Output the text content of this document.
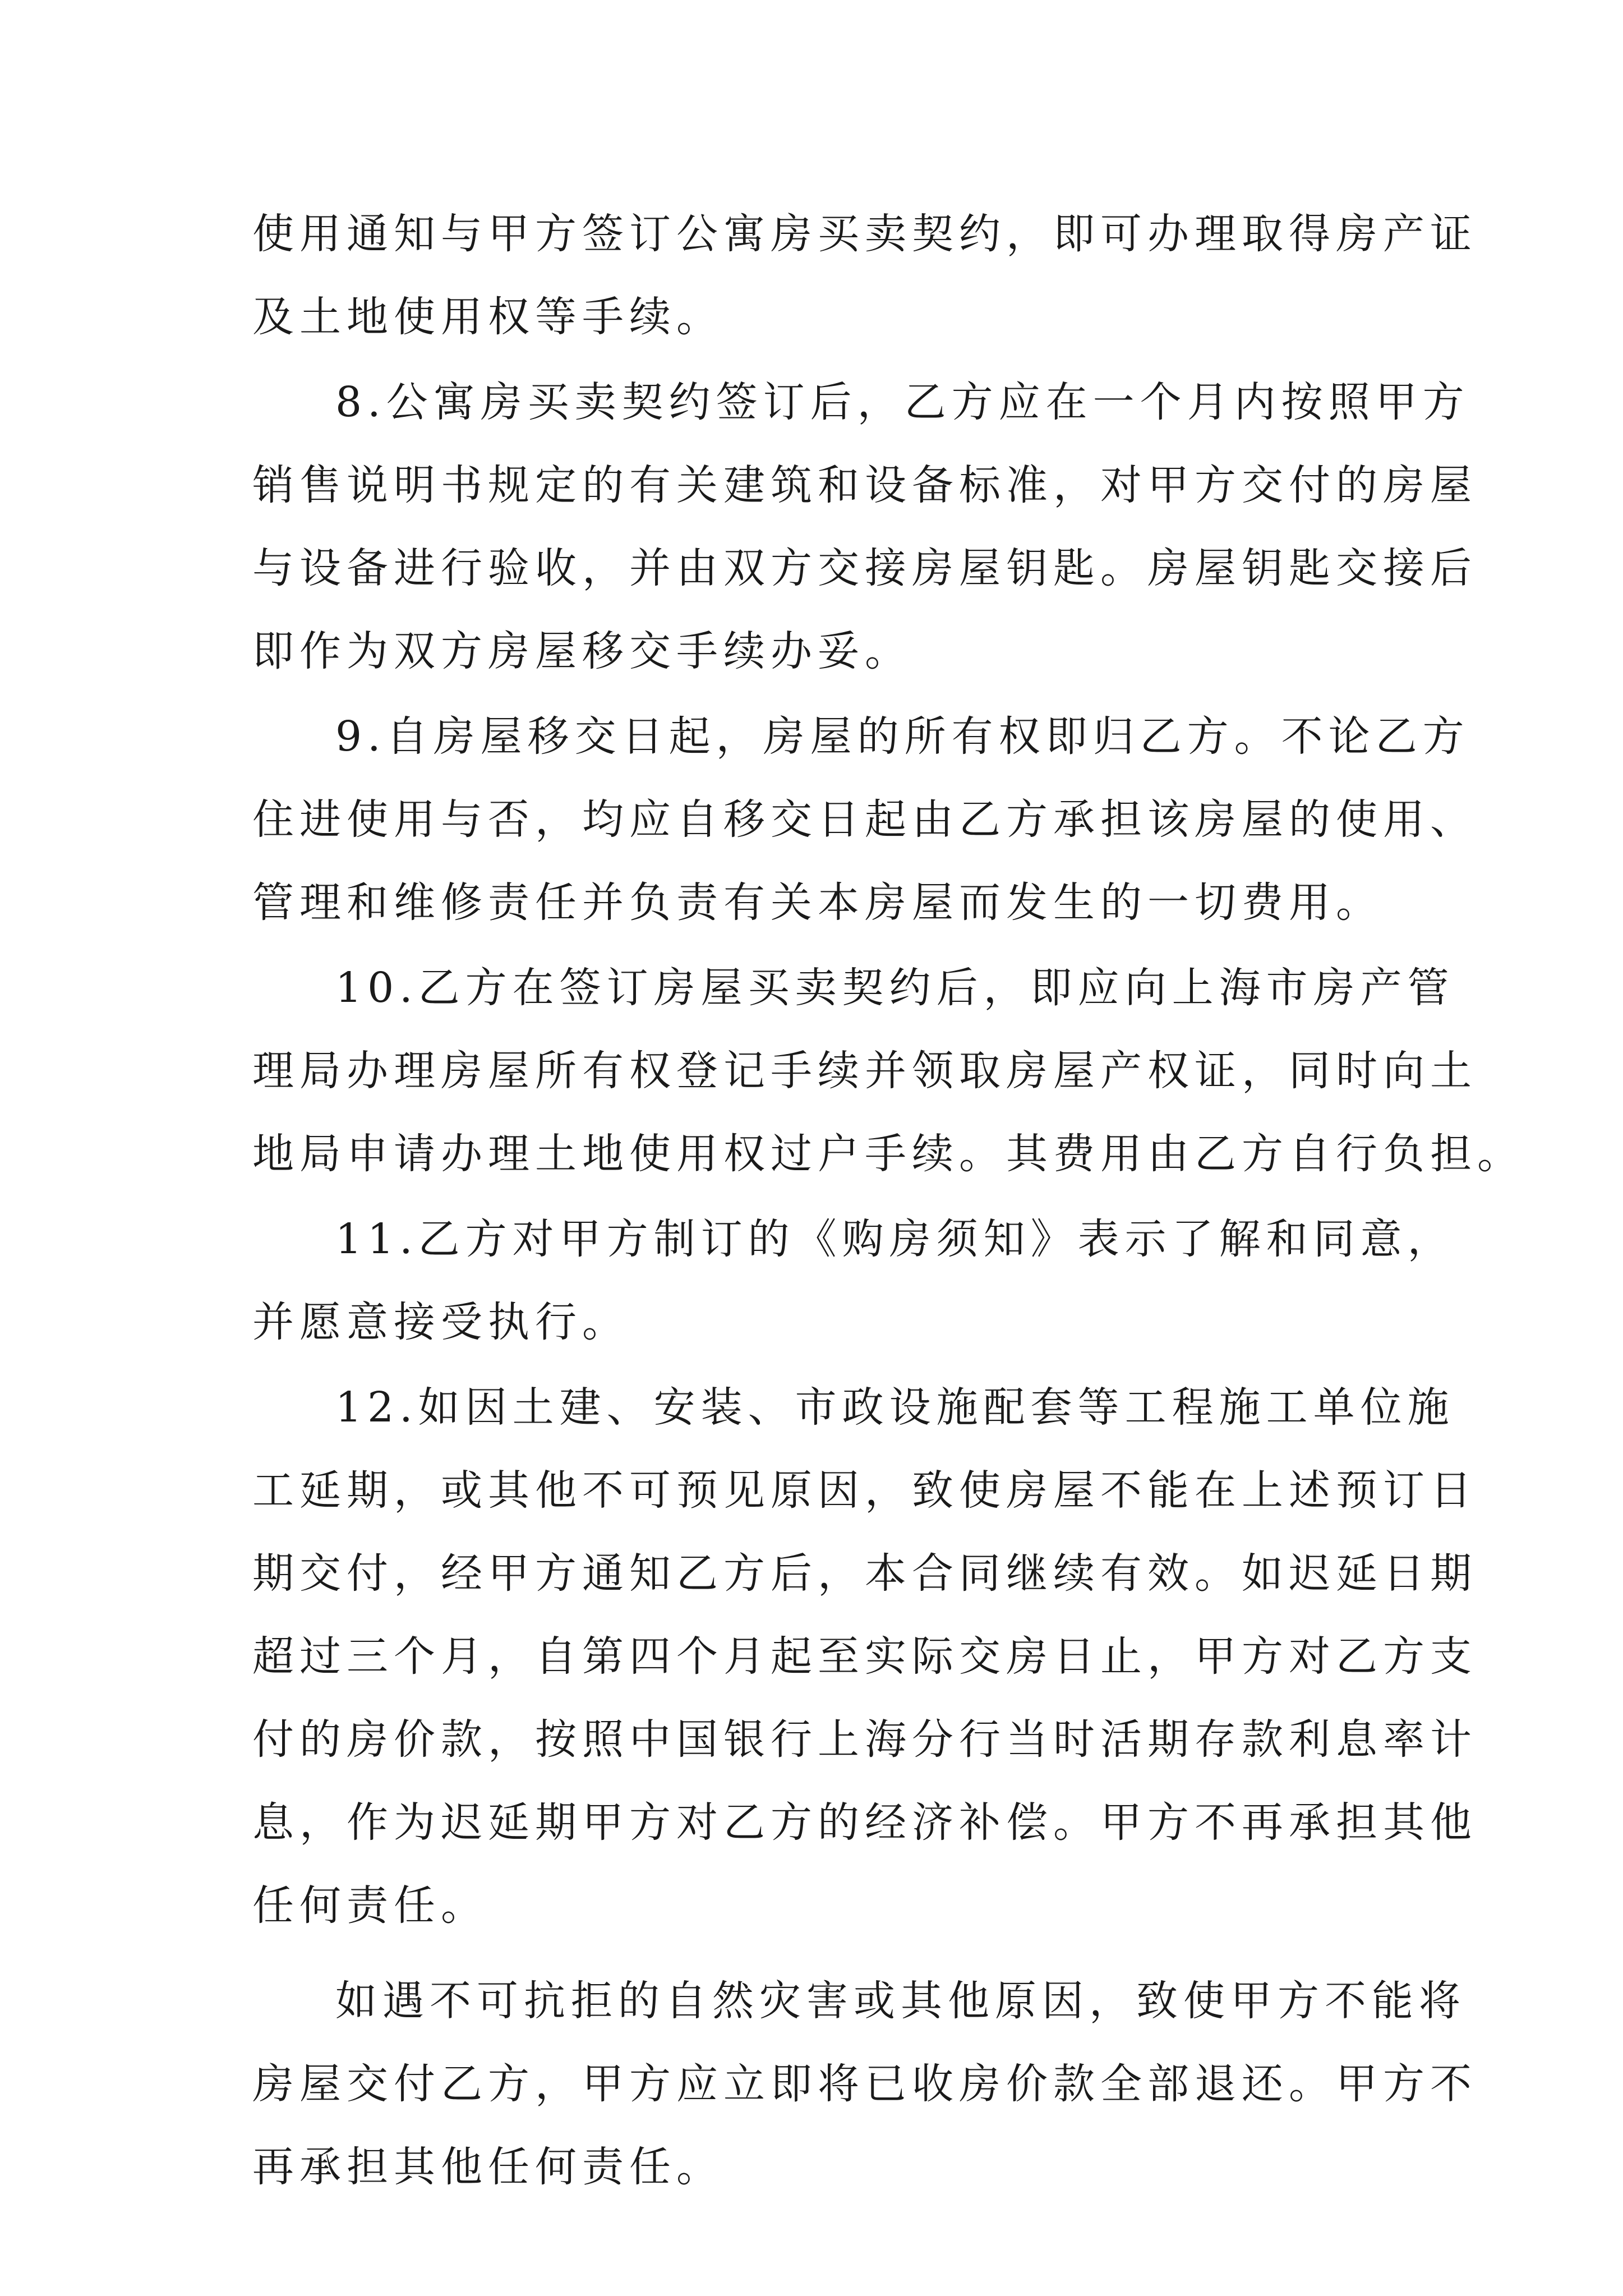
使用通知与甲方签订公寓房买卖契约，即可办理取得房产证
及土地使用权等手续。
8.公寓房买卖契约签订后，乙方应在一个月内按照甲方
销售说明书规定的有关建筑和设备标准，对甲方交付的房屋
与设备进行验收，并由双方交接房屋钥匙。房屋钥匙交接后
即作为双方房屋移交手续办妥。
9.自房屋移交日起，房屋的所有权即归乙方。不论乙方
住进使用与否，均应自移交日起由乙方承担该房屋的使用、
管理和维修责任并负责有关本房屋而发生的一切费用。
10.乙方在签订房屋买卖契约后，即应向上海市房产管
理局办理房屋所有权登记手续并领取房屋产权证，同时向土
地局申请办理土地使用权过户手续。其费用由乙方自行负担。
11.乙方对甲方制订的《购房须知》表示了解和同意，
并愿意接受执行。
12.如因土建、安装、市政设施配套等工程施工单位施
工延期，或其他不可预见原因，致使房屋不能在上述预订日
期交付，经甲方通知乙方后，本合同继续有效。如迟延日期
超过三个月，自第四个月起至实际交房日止，甲方对乙方支
付的房价款，按照中国银行上海分行当时活期存款利息率计
息，作为迟延期甲方对乙方的经济补偿。甲方不再承担其他
任何责任。
如遇不可抗拒的自然灾害或其他原因，致使甲方不能将
房屋交付乙方，甲方应立即将已收房价款全部退还。甲方不
再承担其他任何责任。
